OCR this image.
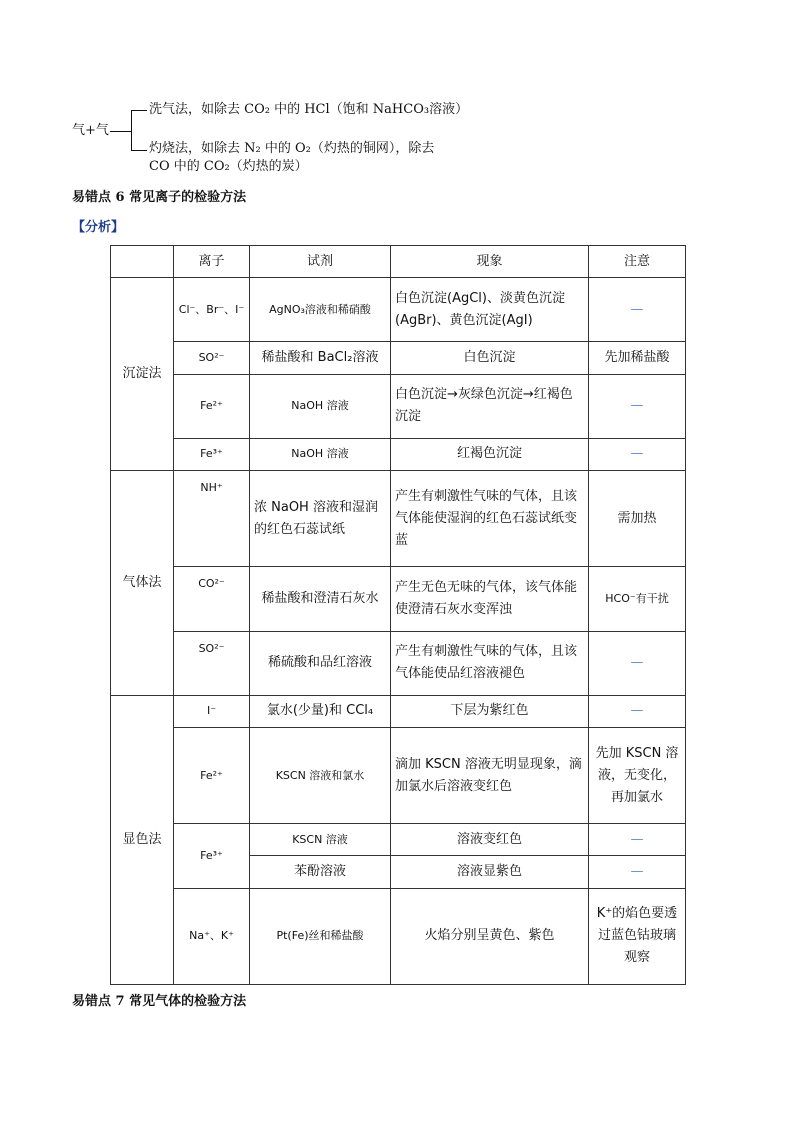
气+气
洗气法，如除去 CO₂ 中的 HCl（饱和 NaHCO₃溶液）
灼烧法，如除去 N₂ 中的 O₂（灼热的铜网），除去
CO 中的 CO₂（灼热的炭）
易错点 6 常见离子的检验方法
【分析】
	离子	试剂	现象	注意
沉淀法	Cl⁻、Br⁻、I⁻	AgNO₃溶液和稀硝酸	白色沉淀(AgCl)、淡黄色沉淀(AgBr)、黄色沉淀(AgI)	—
	SO²⁻	稀盐酸和 BaCl₂溶液	白色沉淀	先加稀盐酸
	Fe²⁺	NaOH 溶液	白色沉淀→灰绿色沉淀→红褐色沉淀	—
	Fe³⁺	NaOH 溶液	红褐色沉淀	—
气体法	NH⁺	浓 NaOH 溶液和湿润的红色石蕊试纸	产生有刺激性气味的气体，且该气体能使湿润的红色石蕊试纸变蓝	需加热
	CO²⁻	稀盐酸和澄清石灰水	产生无色无味的气体，该气体能使澄清石灰水变浑浊	HCO⁻有干扰
	SO²⁻	稀硫酸和品红溶液	产生有刺激性气味的气体，且该气体能使品红溶液褪色	—
显色法	I⁻	氯水(少量)和 CCl₄	下层为紫红色	—
	Fe²⁺	KSCN 溶液和氯水	滴加 KSCN 溶液无明显现象，滴加氯水后溶液变红色	先加 KSCN 溶液，无变化，再加氯水
	Fe³⁺	KSCN 溶液	溶液变红色	—
		苯酚溶液	溶液显紫色	—
	Na⁺、K⁺	Pt(Fe)丝和稀盐酸	火焰分别呈黄色、紫色	K⁺的焰色要透过蓝色钴玻璃观察
易错点 7 常见气体的检验方法
